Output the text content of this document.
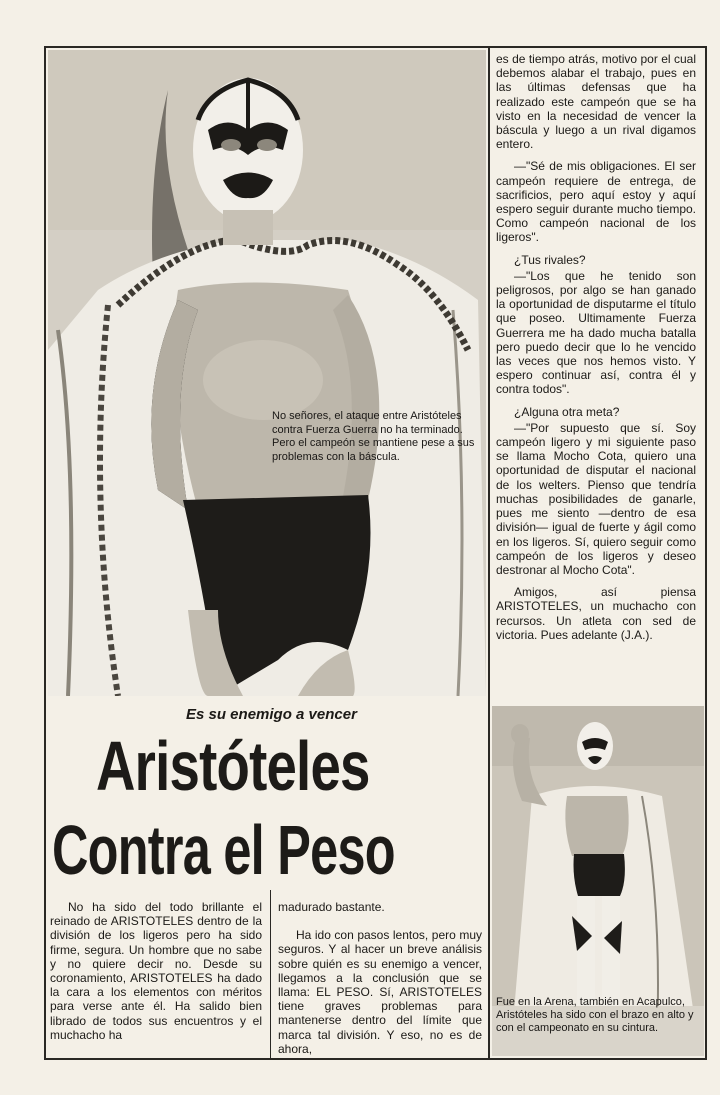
No señores, el ataque entre Aristóteles contra Fuerza Guerra no ha terminado. Pero el campeón se mantiene pese a sus problemas con la báscula.
Es su enemigo a vencer
Aristóteles
Contra el Peso

es de tiempo atrás, motivo por el cual debemos alabar el trabajo, pues en las últimas defensas que ha realizado este campeón que se ha visto en la necesidad de vencer la báscula y luego a un rival digamos entero.

—"Sé de mis obligaciones. El ser campeón requiere de entrega, de sacrificios, pero aquí estoy y aquí espero seguir durante mucho tiempo. Como campeón nacional de los ligeros".

¿Tus rivales?

—"Los que he tenido son peligrosos, por algo se han ganado la oportunidad de disputarme el título que poseo. Ultimamente Fuerza Guerrera me ha dado mucha batalla pero puedo decir que lo he vencido las veces que nos hemos visto. Y espero continuar así, contra él y contra todos".

¿Alguna otra meta?

—"Por supuesto que sí. Soy campeón ligero y mi siguiente paso se llama Mocho Cota, quiero una oportunidad de disputar el nacional de los welters. Pienso que tendría muchas posibilidades de ganarle, pues me siento —dentro de esa división— igual de fuerte y ágil como en los ligeros. Sí, quiero seguir como campeón de los ligeros y deseo destronar al Mocho Cota".

Amigos, así piensa ARISTOTELES, un muchacho con recursos. Un atleta con sed de victoria. Pues adelante (J.A.).

Fue en la Arena, también en Acapulco, Aristóteles ha sido con el brazo en alto y con el campeonato en su cintura.

No ha sido del todo brillante el reinado de ARISTOTELES dentro de la división de los ligeros pero ha sido firme, segura. Un hombre que no sabe y no quiere decir no. Desde su coronamiento, ARISTOTELES ha dado la cara a los elementos con méritos para verse ante él. Ha salido bien librado de todos sus encuentros y el muchacho ha

madurado bastante.

Ha ido con pasos lentos, pero muy seguros. Y al hacer un breve análisis sobre quién es su enemigo a vencer, llegamos a la conclusión que se llama: EL PESO. Sí, ARISTOTELES tiene graves problemas para mantenerse dentro del límite que marca tal división. Y eso, no es de ahora,
